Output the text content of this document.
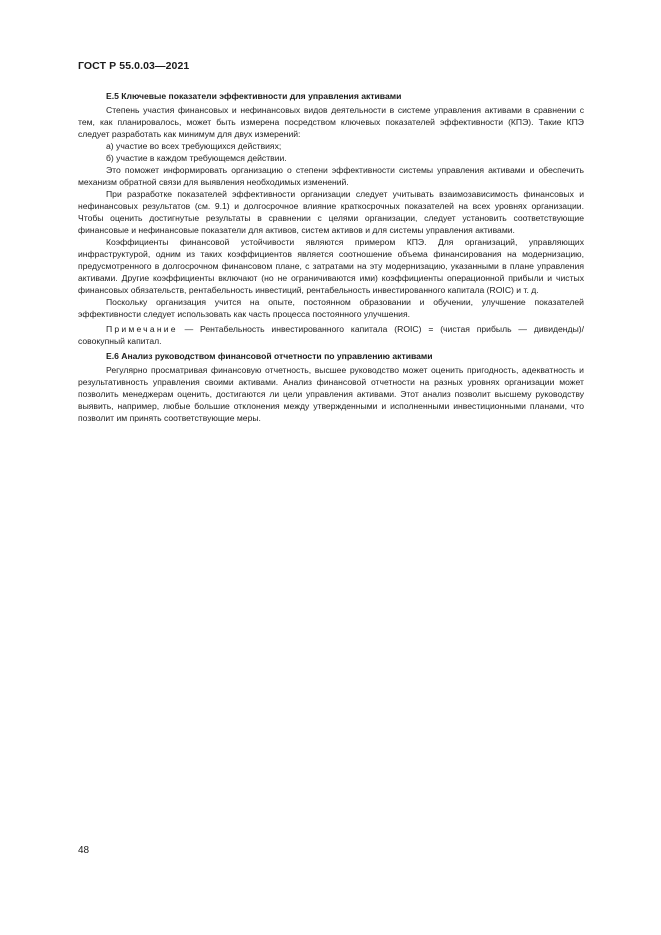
ГОСТ Р 55.0.03—2021

Е.5 Ключевые показатели эффективности для управления активами

Степень участия финансовых и нефинансовых видов деятельности в системе управления активами в сравнении с тем, как планировалось, может быть измерена посредством ключевых показателей эффективности (КПЭ). Такие КПЭ следует разработать как минимум для двух измерений:

а) участие во всех требующихся действиях;

б) участие в каждом требующемся действии.

Это поможет информировать организацию о степени эффективности системы управления активами и обеспечить механизм обратной связи для выявления необходимых изменений.

При разработке показателей эффективности организации следует учитывать взаимозависимость финансовых и нефинансовых результатов (см. 9.1) и долгосрочное влияние краткосрочных показателей на всех уровнях организации. Чтобы оценить достигнутые результаты в сравнении с целями организации, следует установить соответствующие финансовые и нефинансовые показатели для активов, систем активов и для системы управления активами.

Коэффициенты финансовой устойчивости являются примером КПЭ. Для организаций, управляющих инфраструктурой, одним из таких коэффициентов является соотношение объема финансирования на модернизацию, предусмотренного в долгосрочном финансовом плане, с затратами на эту модернизацию, указанными в плане управления активами. Другие коэффициенты включают (но не ограничиваются ими) коэффициенты операционной прибыли и чистых финансовых обязательств, рентабельность инвестиций, рентабельность инвестированного капитала (ROIC) и т. д.

Поскольку организация учится на опыте, постоянном образовании и обучении, улучшение показателей эффективности следует использовать как часть процесса постоянного улучшения.

Примечание — Рентабельность инвестированного капитала (ROIC) = (чистая прибыль — дивиденды)/совокупный капитал.

Е.6 Анализ руководством финансовой отчетности по управлению активами

Регулярно просматривая финансовую отчетность, высшее руководство может оценить пригодность, адекватность и результативность управления своими активами. Анализ финансовой отчетности на разных уровнях организации может позволить менеджерам оценить, достигаются ли цели управления активами. Этот анализ позволит высшему руководству выявить, например, любые большие отклонения между утвержденными и исполненными инвестиционными планами, что позволит им принять соответствующие меры.

48
